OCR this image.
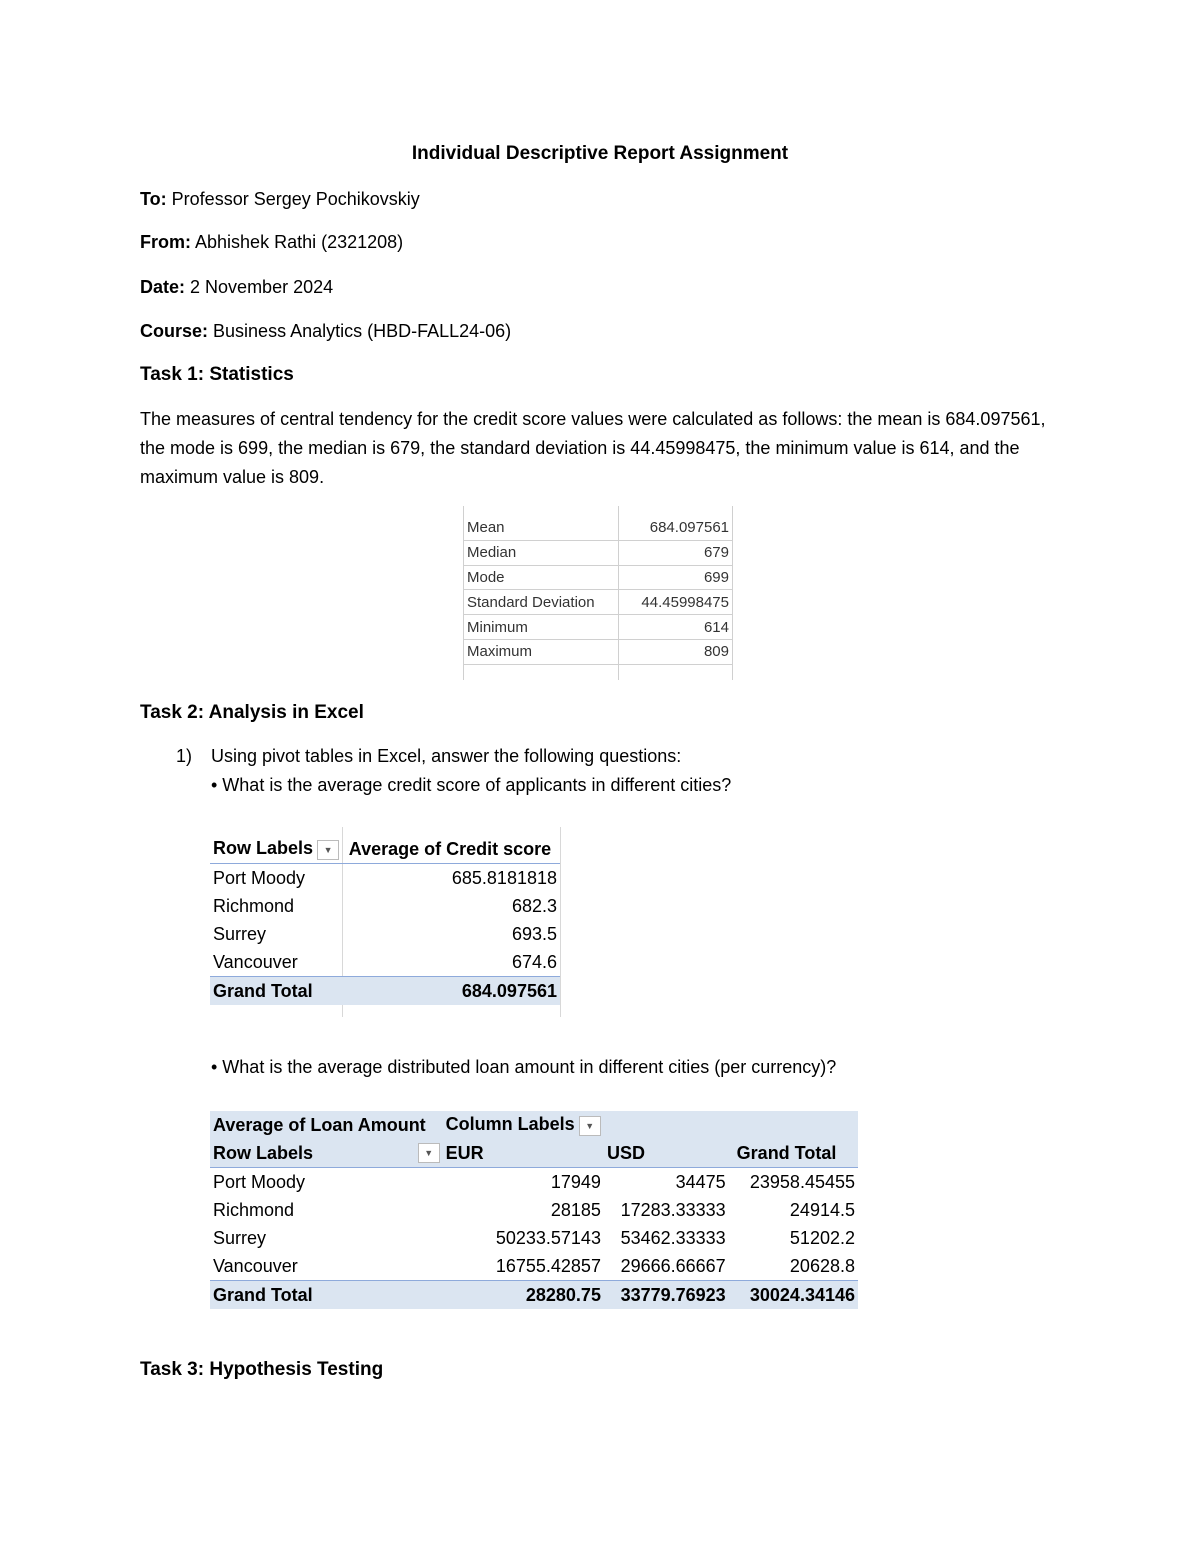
Individual Descriptive Report Assignment
To: Professor Sergey Pochikovskiy
From: Abhishek Rathi (2321208)
Date: 2 November 2024
Course: Business Analytics (HBD-FALL24-06)
Task 1: Statistics
The measures of central tendency for the credit score values were calculated as follows: the mean is 684.097561, the mode is 699, the median is 679, the standard deviation is 44.45998475, the minimum value is 614, and the maximum value is 809.
Mean	684.097561
Median	679
Mode	699
Standard Deviation	44.45998475
Minimum	614
Maximum	809
Task 2: Analysis in Excel
1) Using pivot tables in Excel, answer the following questions:
• What is the average credit score of applicants in different cities?
Row Labels ▼	Average of Credit score
Port Moody	685.8181818
Richmond	682.3
Surrey	693.5
Vancouver	674.6
Grand Total	684.097561
• What is the average distributed loan amount in different cities (per currency)?
Average of Loan Amount	Column Labels ▼		
Row Labels ▼	EUR	USD	Grand Total
Port Moody	17949	34475	23958.45455
Richmond	28185	17283.33333	24914.5
Surrey	50233.57143	53462.33333	51202.2
Vancouver	16755.42857	29666.66667	20628.8
Grand Total	28280.75	33779.76923	30024.34146
Task 3: Hypothesis Testing
